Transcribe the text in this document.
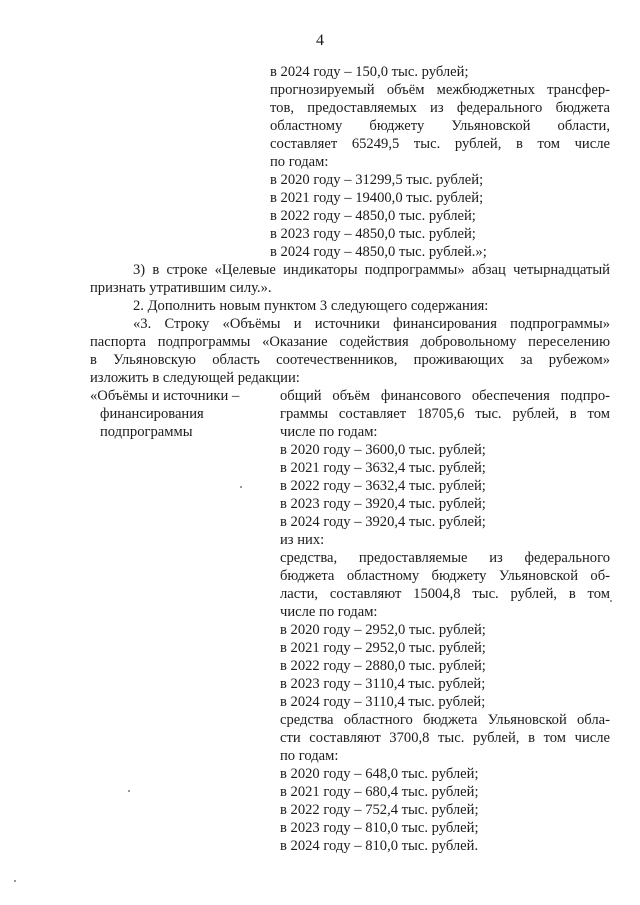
4
в 2024 году – 150,0 тыс. рублей;
прогнозируемый объём межбюджетных трансфер-
тов, предоставляемых из федерального бюджета
областному бюджету Ульяновской области,
составляет 65249,5 тыс. рублей, в том числе
по годам:
в 2020 году – 31299,5 тыс. рублей;
в 2021 году – 19400,0 тыс. рублей;
в 2022 году – 4850,0 тыс. рублей;
в 2023 году – 4850,0 тыс. рублей;
в 2024 году – 4850,0 тыс. рублей.»;
3) в строке «Целевые индикаторы подпрограммы» абзац четырнадцатый
признать утратившим силу.».
2. Дополнить новым пунктом 3 следующего содержания:
«3. Строку «Объёмы и источники финансирования подпрограммы»
паспорта подпрограммы «Оказание содействия добровольному переселению
в Ульяновскую область соотечественников, проживающих за рубежом»
изложить в следующей редакции:
«Объёмы и источники –
финансирования
подпрограммы
общий объём финансового обеспечения подпро-
граммы составляет 18705,6 тыс. рублей, в том
числе по годам:
в 2020 году – 3600,0 тыс. рублей;
в 2021 году – 3632,4 тыс. рублей;
в 2022 году – 3632,4 тыс. рублей;
в 2023 году – 3920,4 тыс. рублей;
в 2024 году – 3920,4 тыс. рублей;
из них:
средства, предоставляемые из федерального
бюджета областному бюджету Ульяновской об-
ласти, составляют 15004,8 тыс. рублей, в том
числе по годам:
в 2020 году – 2952,0 тыс. рублей;
в 2021 году – 2952,0 тыс. рублей;
в 2022 году – 2880,0 тыс. рублей;
в 2023 году – 3110,4 тыс. рублей;
в 2024 году – 3110,4 тыс. рублей;
средства областного бюджета Ульяновской обла-
сти составляют 3700,8 тыс. рублей, в том числе
по годам:
в 2020 году – 648,0 тыс. рублей;
в 2021 году – 680,4 тыс. рублей;
в 2022 году – 752,4 тыс. рублей;
в 2023 году – 810,0 тыс. рублей;
в 2024 году – 810,0 тыс. рублей.
